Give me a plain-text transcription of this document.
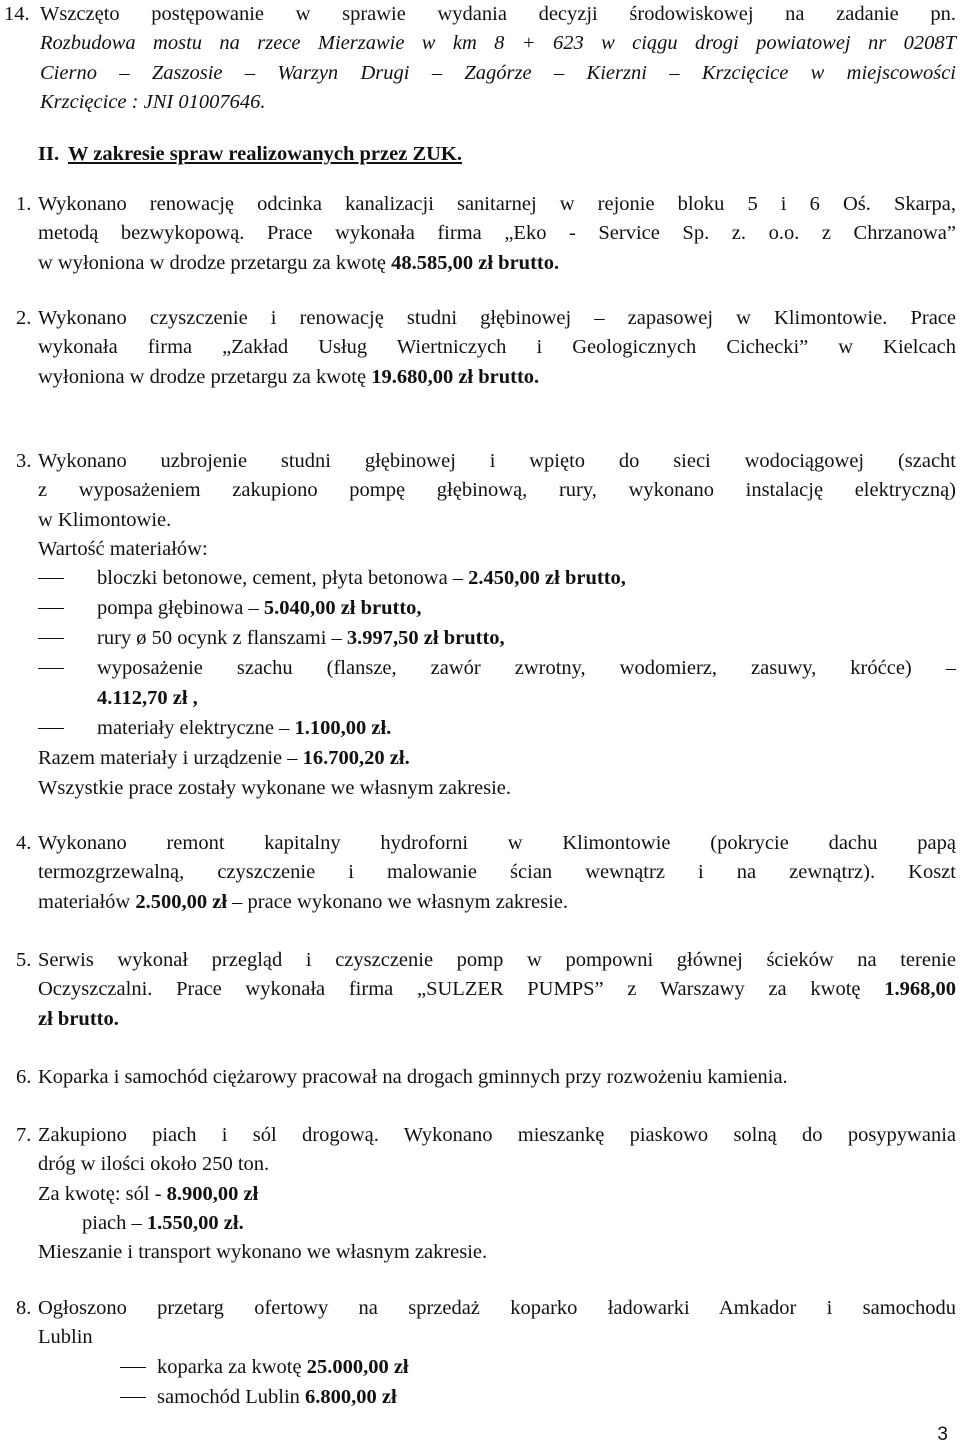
14. Wszczęto postępowanie w sprawie wydania decyzji środowiskowej na zadanie pn.
Rozbudowa mostu na rzece Mierzawie w km 8 + 623 w ciągu drogi powiatowej nr 0208T
Cierno – Zaszosie – Warzyn Drugi – Zagórze – Kierzni – Krzcięcice w miejscowości
Krzcięcice : JNI 01007646.
II. W zakresie spraw realizowanych przez ZUK.
1. Wykonano renowację odcinka kanalizacji sanitarnej w rejonie bloku 5 i 6 Oś. Skarpa,
metodą bezwykopową. Prace wykonała firma „Eko - Service Sp. z. o.o. z Chrzanowa”
w wyłoniona w drodze przetargu za kwotę 48.585,00 zł brutto.
2. Wykonano czyszczenie i renowację studni głębinowej – zapasowej w Klimontowie. Prace
wykonała firma „Zakład Usług Wiertniczych i Geologicznych Cichecki” w Kielcach
wyłoniona w drodze przetargu za kwotę 19.680,00 zł brutto.
3. Wykonano uzbrojenie studni głębinowej i wpięto do sieci wodociągowej (szacht
z wyposażeniem zakupiono pompę głębinową, rury, wykonano instalację elektryczną)
w Klimontowie.
Wartość materiałów:
bloczki betonowe, cement, płyta betonowa – 2.450,00 zł brutto,
pompa głębinowa – 5.040,00 zł brutto,
rury ø 50 ocynk z flanszami – 3.997,50 zł brutto,
wyposażenie szachu (flansze, zawór zwrotny, wodomierz, zasuwy, króćce) –
4.112,70 zł ,
materiały elektryczne – 1.100,00 zł.
Razem materiały i urządzenie – 16.700,20 zł.
Wszystkie prace zostały wykonane we własnym zakresie.
4. Wykonano remont kapitalny hydroforni w Klimontowie (pokrycie dachu papą
termozgrzewalną, czyszczenie i malowanie ścian wewnątrz i na zewnątrz). Koszt
materiałów 2.500,00 zł – prace wykonano we własnym zakresie.
5. Serwis wykonał przegląd i czyszczenie pomp w pompowni głównej ścieków na terenie
Oczyszczalni. Prace wykonała firma „SULZER PUMPS” z Warszawy za kwotę 1.968,00
zł brutto.
6. Koparka i samochód ciężarowy pracował na drogach gminnych przy rozwożeniu kamienia.
7. Zakupiono piach i sól drogową. Wykonano mieszankę piaskowo solną do posypywania
dróg w ilości około 250 ton.
Za kwotę: sól - 8.900,00 zł
piach – 1.550,00 zł.
Mieszanie i transport wykonano we własnym zakresie.
8. Ogłoszono przetarg ofertowy na sprzedaż koparko ładowarki Amkador i samochodu
Lublin
koparka za kwotę 25.000,00 zł
samochód Lublin 6.800,00 zł
3
